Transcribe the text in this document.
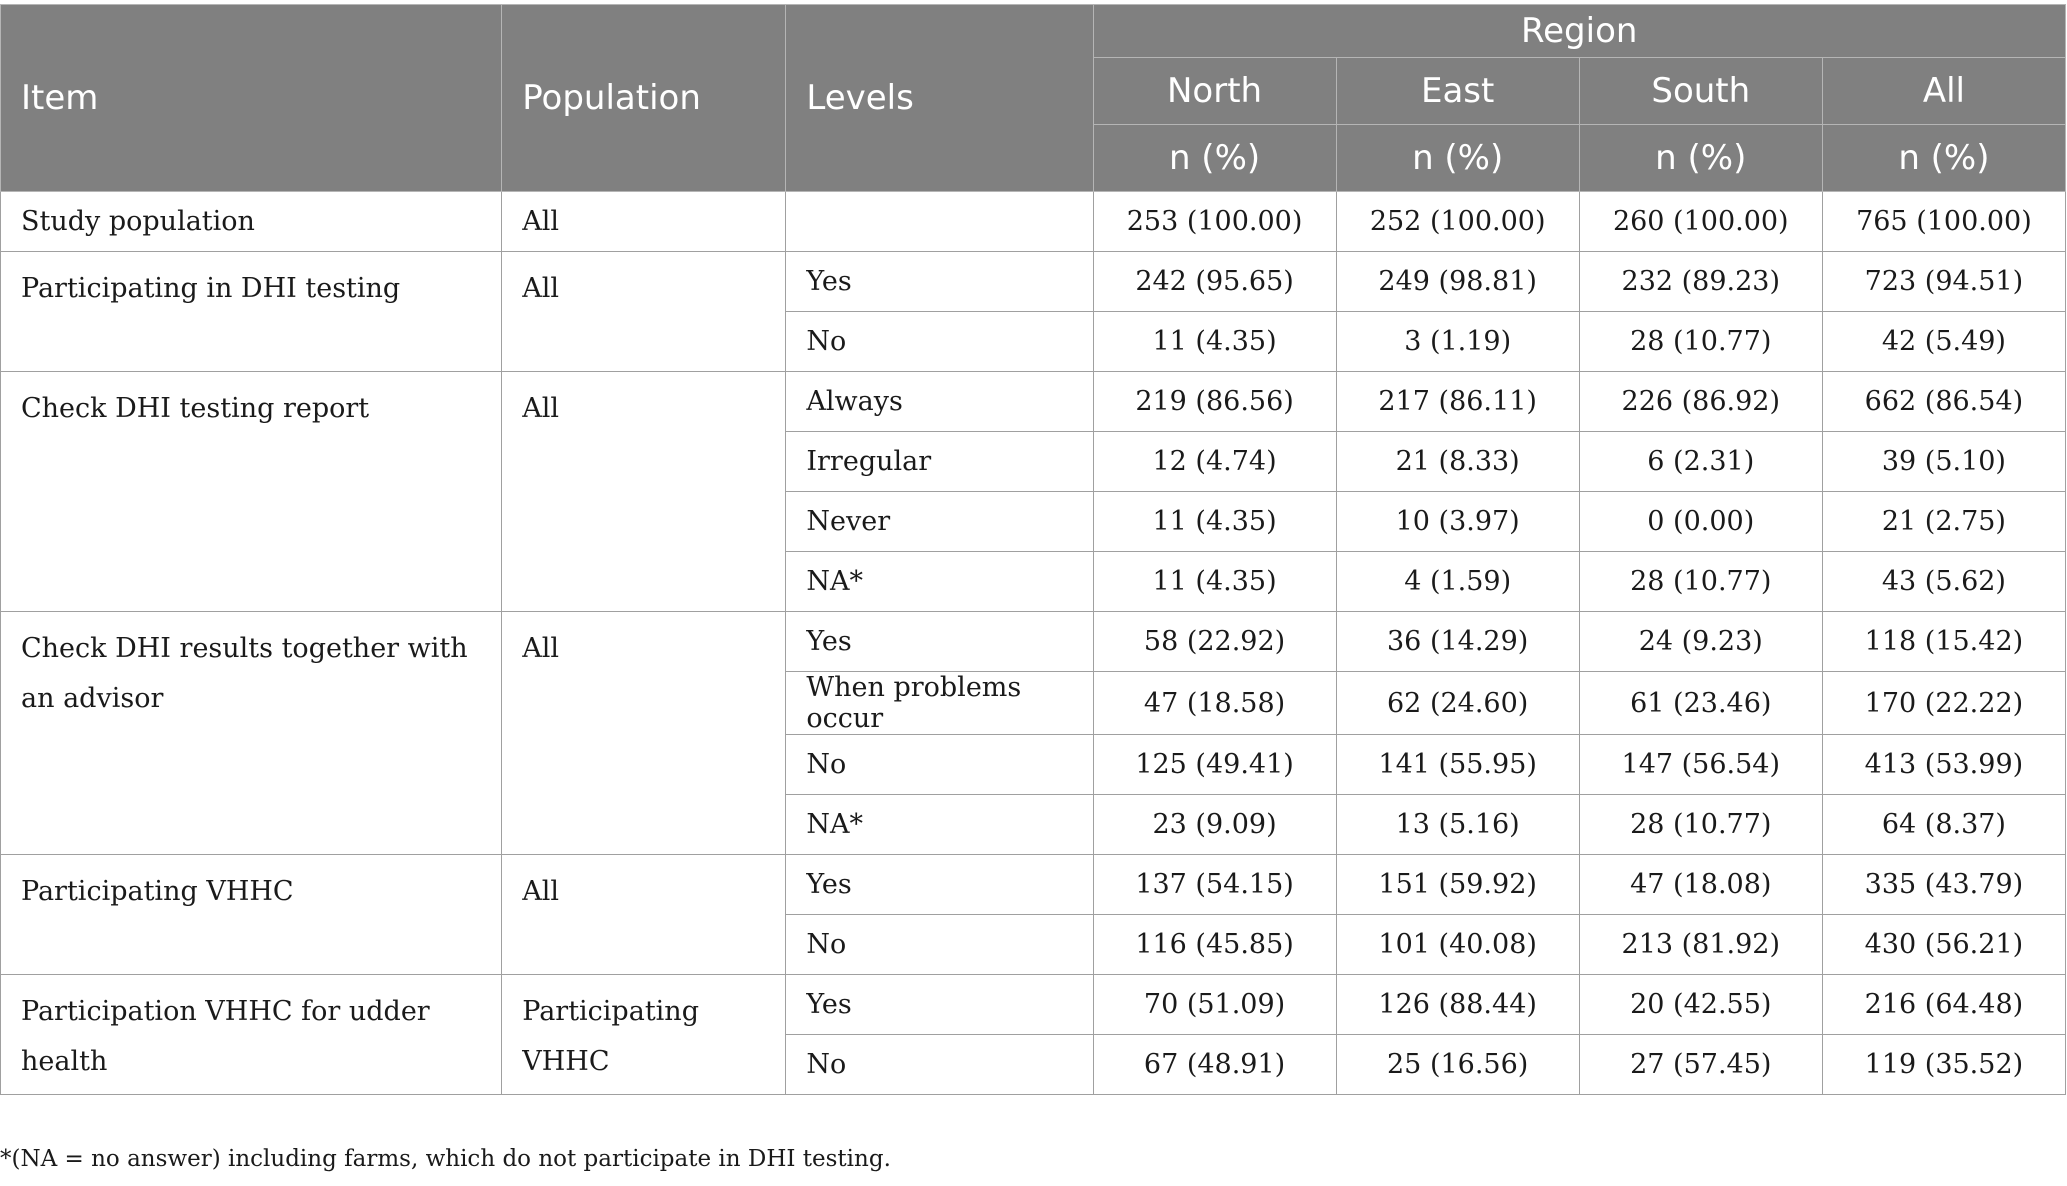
Item	Population	Levels	Region			
			North	East	South	All
			n (%)	n (%)	n (%)	n (%)
Study population	All		253 (100.00)	252 (100.00)	260 (100.00)	765 (100.00)

Participating in DHI testing	All	Yes	242 (95.65)	249 (98.81)	232 (89.23)	723 (94.51)
		No	11 (4.35)	3 (1.19)	28 (10.77)	42 (5.49)

Check DHI testing report	All	Always	219 (86.56)	217 (86.11)	226 (86.92)	662 (86.54)
		Irregular	12 (4.74)	21 (8.33)	6 (2.31)	39 (5.10)
		Never	11 (4.35)	10 (3.97)	0 (0.00)	21 (2.75)
		NA*	11 (4.35)	4 (1.59)	28 (10.77)	43 (5.62)

Check DHI results together with an advisor	All	Yes	58 (22.92)	36 (14.29)	24 (9.23)	118 (15.42)
		When problems occur	47 (18.58)	62 (24.60)	61 (23.46)	170 (22.22)
		No	125 (49.41)	141 (55.95)	147 (56.54)	413 (53.99)
		NA*	23 (9.09)	13 (5.16)	28 (10.77)	64 (8.37)

Participating VHHC	All	Yes	137 (54.15)	151 (59.92)	47 (18.08)	335 (43.79)
		No	116 (45.85)	101 (40.08)	213 (81.92)	430 (56.21)

Participation VHHC for udder health	Participating VHHC	Yes	70 (51.09)	126 (88.44)	20 (42.55)	216 (64.48)
		No	67 (48.91)	25 (16.56)	27 (57.45)	119 (35.52)
*(NA = no answer) including farms, which do not participate in DHI testing.
